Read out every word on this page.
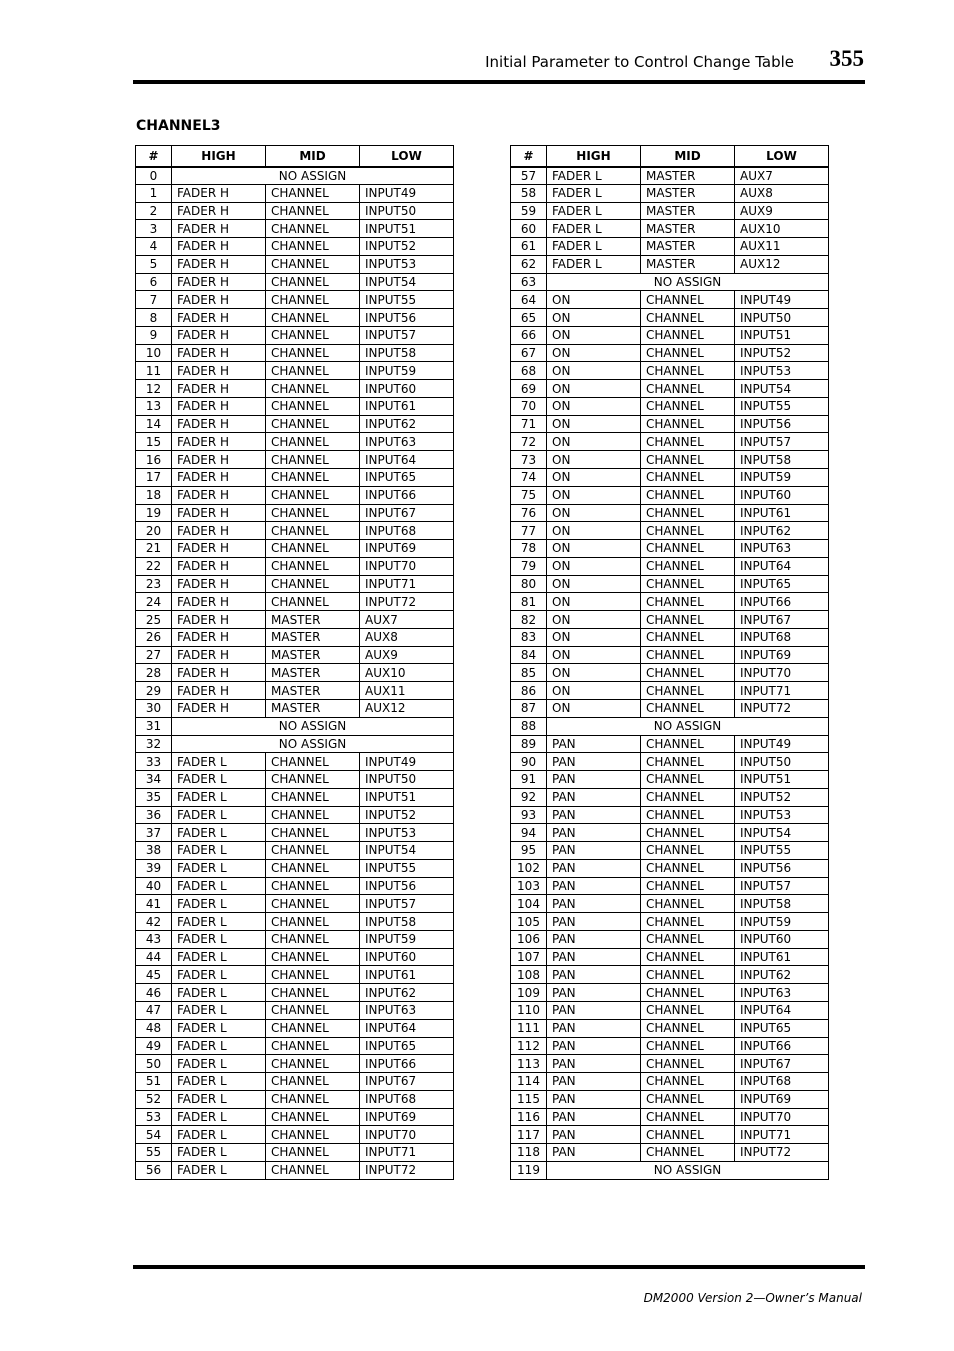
Initial Parameter to Control Change Table 355
CHANNEL3
#	HIGH	MID	LOW
0	NO ASSIGN		
1	FADER H	CHANNEL	INPUT49
2	FADER H	CHANNEL	INPUT50
3	FADER H	CHANNEL	INPUT51
4	FADER H	CHANNEL	INPUT52
5	FADER H	CHANNEL	INPUT53
6	FADER H	CHANNEL	INPUT54
7	FADER H	CHANNEL	INPUT55
8	FADER H	CHANNEL	INPUT56
9	FADER H	CHANNEL	INPUT57
10	FADER H	CHANNEL	INPUT58
11	FADER H	CHANNEL	INPUT59
12	FADER H	CHANNEL	INPUT60
13	FADER H	CHANNEL	INPUT61
14	FADER H	CHANNEL	INPUT62
15	FADER H	CHANNEL	INPUT63
16	FADER H	CHANNEL	INPUT64
17	FADER H	CHANNEL	INPUT65
18	FADER H	CHANNEL	INPUT66
19	FADER H	CHANNEL	INPUT67
20	FADER H	CHANNEL	INPUT68
21	FADER H	CHANNEL	INPUT69
22	FADER H	CHANNEL	INPUT70
23	FADER H	CHANNEL	INPUT71
24	FADER H	CHANNEL	INPUT72
25	FADER H	MASTER	AUX7
26	FADER H	MASTER	AUX8
27	FADER H	MASTER	AUX9
28	FADER H	MASTER	AUX10
29	FADER H	MASTER	AUX11
30	FADER H	MASTER	AUX12
31	NO ASSIGN		
32	NO ASSIGN		
33	FADER L	CHANNEL	INPUT49
34	FADER L	CHANNEL	INPUT50
35	FADER L	CHANNEL	INPUT51
36	FADER L	CHANNEL	INPUT52
37	FADER L	CHANNEL	INPUT53
38	FADER L	CHANNEL	INPUT54
39	FADER L	CHANNEL	INPUT55
40	FADER L	CHANNEL	INPUT56
41	FADER L	CHANNEL	INPUT57
42	FADER L	CHANNEL	INPUT58
43	FADER L	CHANNEL	INPUT59
44	FADER L	CHANNEL	INPUT60
45	FADER L	CHANNEL	INPUT61
46	FADER L	CHANNEL	INPUT62
47	FADER L	CHANNEL	INPUT63
48	FADER L	CHANNEL	INPUT64
49	FADER L	CHANNEL	INPUT65
50	FADER L	CHANNEL	INPUT66
51	FADER L	CHANNEL	INPUT67
52	FADER L	CHANNEL	INPUT68
53	FADER L	CHANNEL	INPUT69
54	FADER L	CHANNEL	INPUT70
55	FADER L	CHANNEL	INPUT71
56	FADER L	CHANNEL	INPUT72
#	HIGH	MID	LOW
57	FADER L	MASTER	AUX7
58	FADER L	MASTER	AUX8
59	FADER L	MASTER	AUX9
60	FADER L	MASTER	AUX10
61	FADER L	MASTER	AUX11
62	FADER L	MASTER	AUX12
63	NO ASSIGN		
64	ON	CHANNEL	INPUT49
65	ON	CHANNEL	INPUT50
66	ON	CHANNEL	INPUT51
67	ON	CHANNEL	INPUT52
68	ON	CHANNEL	INPUT53
69	ON	CHANNEL	INPUT54
70	ON	CHANNEL	INPUT55
71	ON	CHANNEL	INPUT56
72	ON	CHANNEL	INPUT57
73	ON	CHANNEL	INPUT58
74	ON	CHANNEL	INPUT59
75	ON	CHANNEL	INPUT60
76	ON	CHANNEL	INPUT61
77	ON	CHANNEL	INPUT62
78	ON	CHANNEL	INPUT63
79	ON	CHANNEL	INPUT64
80	ON	CHANNEL	INPUT65
81	ON	CHANNEL	INPUT66
82	ON	CHANNEL	INPUT67
83	ON	CHANNEL	INPUT68
84	ON	CHANNEL	INPUT69
85	ON	CHANNEL	INPUT70
86	ON	CHANNEL	INPUT71
87	ON	CHANNEL	INPUT72
88	NO ASSIGN		
89	PAN	CHANNEL	INPUT49
90	PAN	CHANNEL	INPUT50
91	PAN	CHANNEL	INPUT51
92	PAN	CHANNEL	INPUT52
93	PAN	CHANNEL	INPUT53
94	PAN	CHANNEL	INPUT54
95	PAN	CHANNEL	INPUT55
102	PAN	CHANNEL	INPUT56
103	PAN	CHANNEL	INPUT57
104	PAN	CHANNEL	INPUT58
105	PAN	CHANNEL	INPUT59
106	PAN	CHANNEL	INPUT60
107	PAN	CHANNEL	INPUT61
108	PAN	CHANNEL	INPUT62
109	PAN	CHANNEL	INPUT63
110	PAN	CHANNEL	INPUT64
111	PAN	CHANNEL	INPUT65
112	PAN	CHANNEL	INPUT66
113	PAN	CHANNEL	INPUT67
114	PAN	CHANNEL	INPUT68
115	PAN	CHANNEL	INPUT69
116	PAN	CHANNEL	INPUT70
117	PAN	CHANNEL	INPUT71
118	PAN	CHANNEL	INPUT72
119	NO ASSIGN		
DM2000 Version 2—Owner’s Manual
